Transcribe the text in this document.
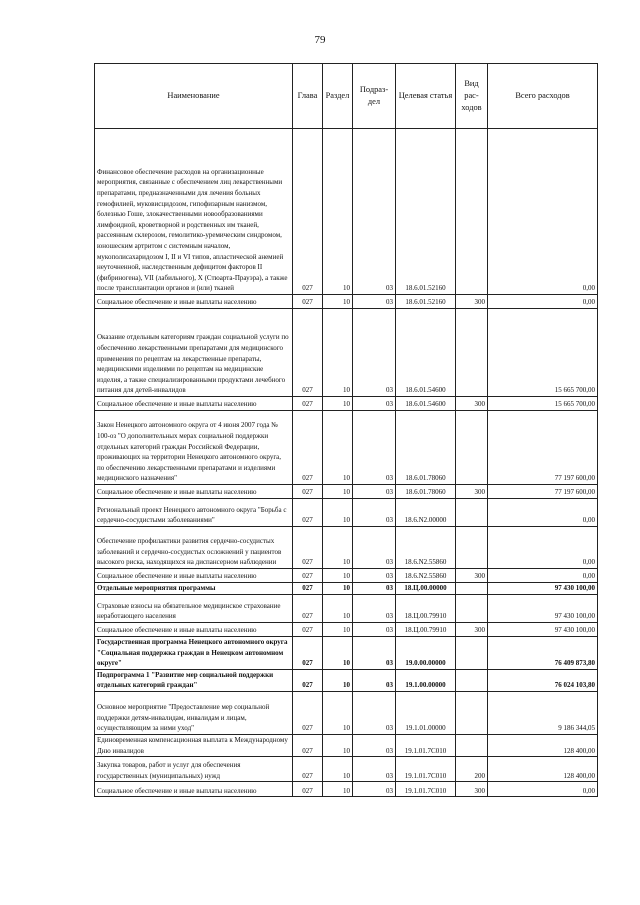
79
Наименование	Глава	Раздел	Подраз-дел	Целевая статья	Вид рас-ходов	Всего расходов
Финансовое обеспечение расходов на организационные мероприятия, связанные с обеспечением лиц лекарственными препаратами, предназначенными для лечения больных гемофилией, муковисцидозом, гипофизарным нанизмом, болезнью Гоше, злокачественными новообразованиями лимфоидной, кроветворной и родственных им тканей, рассеянным склерозом, гемолитико-уремическим синдромом, юношеским артритом с системным началом, мукополисахаридозом I, II и VI типов, апластической анемией неуточненной, наследственным дефицитом факторов II (фибриногена), VII (лабильного), X (Стюарта-Прауэра), а также после трансплантации органов и (или) тканей	027	10	03	18.6.01.52160		0,00
Социальное обеспечение и иные выплаты населению	027	10	03	18.6.01.52160	300	0,00
Оказание отдельным категориям граждан социальной услуги по обеспечению лекарственными препаратами для медицинского применения по рецептам на лекарственные препараты, медицинскими изделиями по рецептам на медицинские изделия, а также специализированными продуктами лечебного питания для детей-инвалидов	027	10	03	18.6.01.54600		15 665 700,00
Социальное обеспечение и иные выплаты населению	027	10	03	18.6.01.54600	300	15 665 700,00
Закон Ненецкого автономного округа от 4 июня 2007 года № 100-оз "О дополнительных мерах социальной поддержки отдельных категорий граждан Российской Федерации, проживающих на территории Ненецкого автономного округа, по обеспечению лекарственными препаратами и изделиями медицинского назначения"	027	10	03	18.6.01.78060		77 197 600,00
Социальное обеспечение и иные выплаты населению	027	10	03	18.6.01.78060	300	77 197 600,00
Региональный проект Ненецкого автономного округа "Борьба с сердечно-сосудистыми заболеваниями"	027	10	03	18.6.N2.00000		0,00
Обеспечение профилактики развития сердечно-сосудистых заболеваний и сердечно-сосудистых осложнений у пациентов высокого риска, находящихся на диспансерном наблюдении	027	10	03	18.6.N2.55860		0,00
Социальное обеспечение и иные выплаты населению	027	10	03	18.6.N2.55860	300	0,00
Отдельные мероприятия программы	027	10	03	18.Ц.00.00000		97 430 100,00
Страховые взносы на обязательное медицинское страхование неработающего населения	027	10	03	18.Ц.00.79910		97 430 100,00
Социальное обеспечение и иные выплаты населению	027	10	03	18.Ц.00.79910	300	97 430 100,00
Государственная программа Ненецкого автономного округа "Социальная поддержка граждан в Ненецком автономном округе"	027	10	03	19.0.00.00000		76 409 873,80
Подпрограмма 1 "Развитие мер социальной поддержки отдельных категорий граждан"	027	10	03	19.1.00.00000		76 024 103,80
Основное мероприятие "Предоставление мер социальной поддержки детям-инвалидам, инвалидам и лицам, осуществляющим за ними уход"	027	10	03	19.1.01.00000		9 186 344,05
Единовременная компенсационная выплата к Международному Дню инвалидов	027	10	03	19.1.01.7C010		128 400,00
Закупка товаров, работ и услуг для обеспечения государственных (муниципальных) нужд	027	10	03	19.1.01.7C010	200	128 400,00
Социальное обеспечение и иные выплаты населению	027	10	03	19.1.01.7C010	300	0,00
